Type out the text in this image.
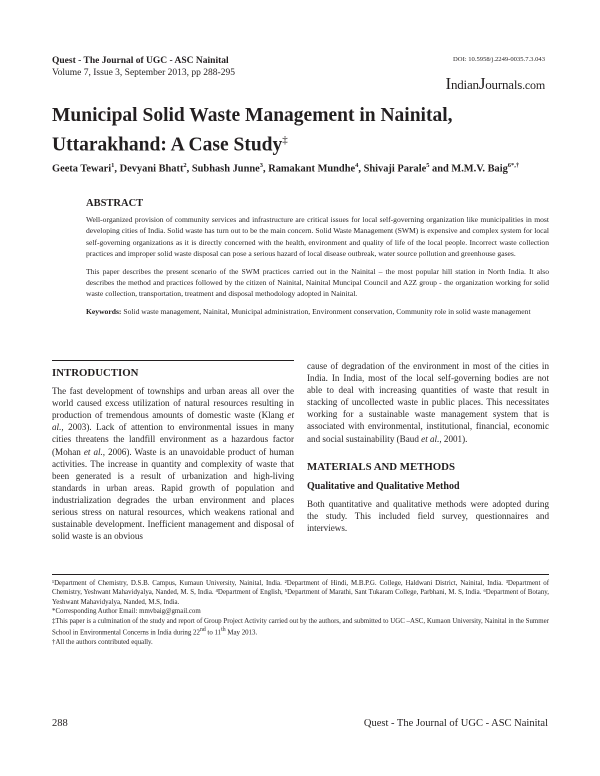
Quest - The Journal of UGC - ASC Nainital
Volume 7, Issue 3, September 2013, pp 288-295
DOI: 10.5958/j.2249-0035.7.3.043
IndianJournals.com
Municipal Solid Waste Management in Nainital, Uttarakhand: A Case Study‡

Geeta Tewari$^1$, Devyani Bhatt$^2$, Subhash Junne$^3$, Ramakant Mundhe$^4$, Shivaji Parale$^5$ and M.M.V. Baig$^{6*,\dagger}$

ABSTRACT

Well-organized provision of community services and infrastructure are critical issues for local self-governing organization like municipalities in most developing cities of India. Solid waste has turn out to be the main concern. Solid Waste Management (SWM) is expensive and complex system for local self-governing organizations as it is directly concerned with the health, environment and quality of life of the local people. Incorrect waste collection practices and improper solid waste disposal can pose a serious hazard of local disease outbreak, water source pollution and greenhouse gases.

This paper describes the present scenario of the SWM practices carried out in the Nainital – the most popular hill station in North India. It also describes the method and practices followed by the citizen of Nainital, Nainital Muncipal Council and A2Z group - the organization working for solid waste collection, transportation, treatment and disposal methodology adopted in Nainital.

Keywords: Solid waste management, Nainital, Municipal administration, Environment conservation, Community role in solid waste management

INTRODUCTION

The fast development of townships and urban areas all over the world caused excess utilization of natural resources resulting in production of tremendous amounts of domestic waste (Klang et al., 2003). Lack of attention to environmental issues in many cities threatens the landfill environment as a hazardous factor (Mohan et al., 2006). Waste is an unavoidable product of human activities. The increase in quantity and complexity of waste that been generated is a result of urbanization and high-living standards in urban areas. Rapid growth of population and industrialization degrades the urban environment and places serious stress on natural resources, which weakens rational and sustainable development. Inefficient management and disposal of solid waste is an obvious

cause of degradation of the environment in most of the cities in India. In India, most of the local self-governing bodies are not able to deal with increasing quantities of waste that result in stacking of uncollected waste in public places. This necessitates working for a sustainable waste management system that is associated with environmental, institutional, financial, economic and social sustainability (Baud et al., 2001).

MATERIALS AND METHODS
Qualitative and Qualitative Method

Both quantitative and qualitative methods were adopted during the study. This included field survey, questionnaires and interviews.

¹Department of Chemistry, D.S.B. Campus, Kumaun University, Nainital, India. ²Department of Hindi, M.B.P.G. College, Haldwani District, Nainital, India. ³Department of Chemistry, Yeshwant Mahavidyalya, Nanded, M. S, India. ⁴Department of English, ⁵Department of Marathi, Sant Tukaram College, Parbhani, M. S, India. ⁶Department of Botany, Yeshwant Mahavidyalya, Nanded, M.S, India.

*Corresponding Author Email: mmvbaig@gmail.com

‡This paper is a culmination of the study and report of Group Project Activity carried out by the authors, and submitted to UGC –ASC, Kumaon University, Nainital in the Summer School in Environmental Concerns in India during 22nd to 11th May 2013.

†All the authors contributed equally.

288	Quest - The Journal of UGC - ASC Nainital
